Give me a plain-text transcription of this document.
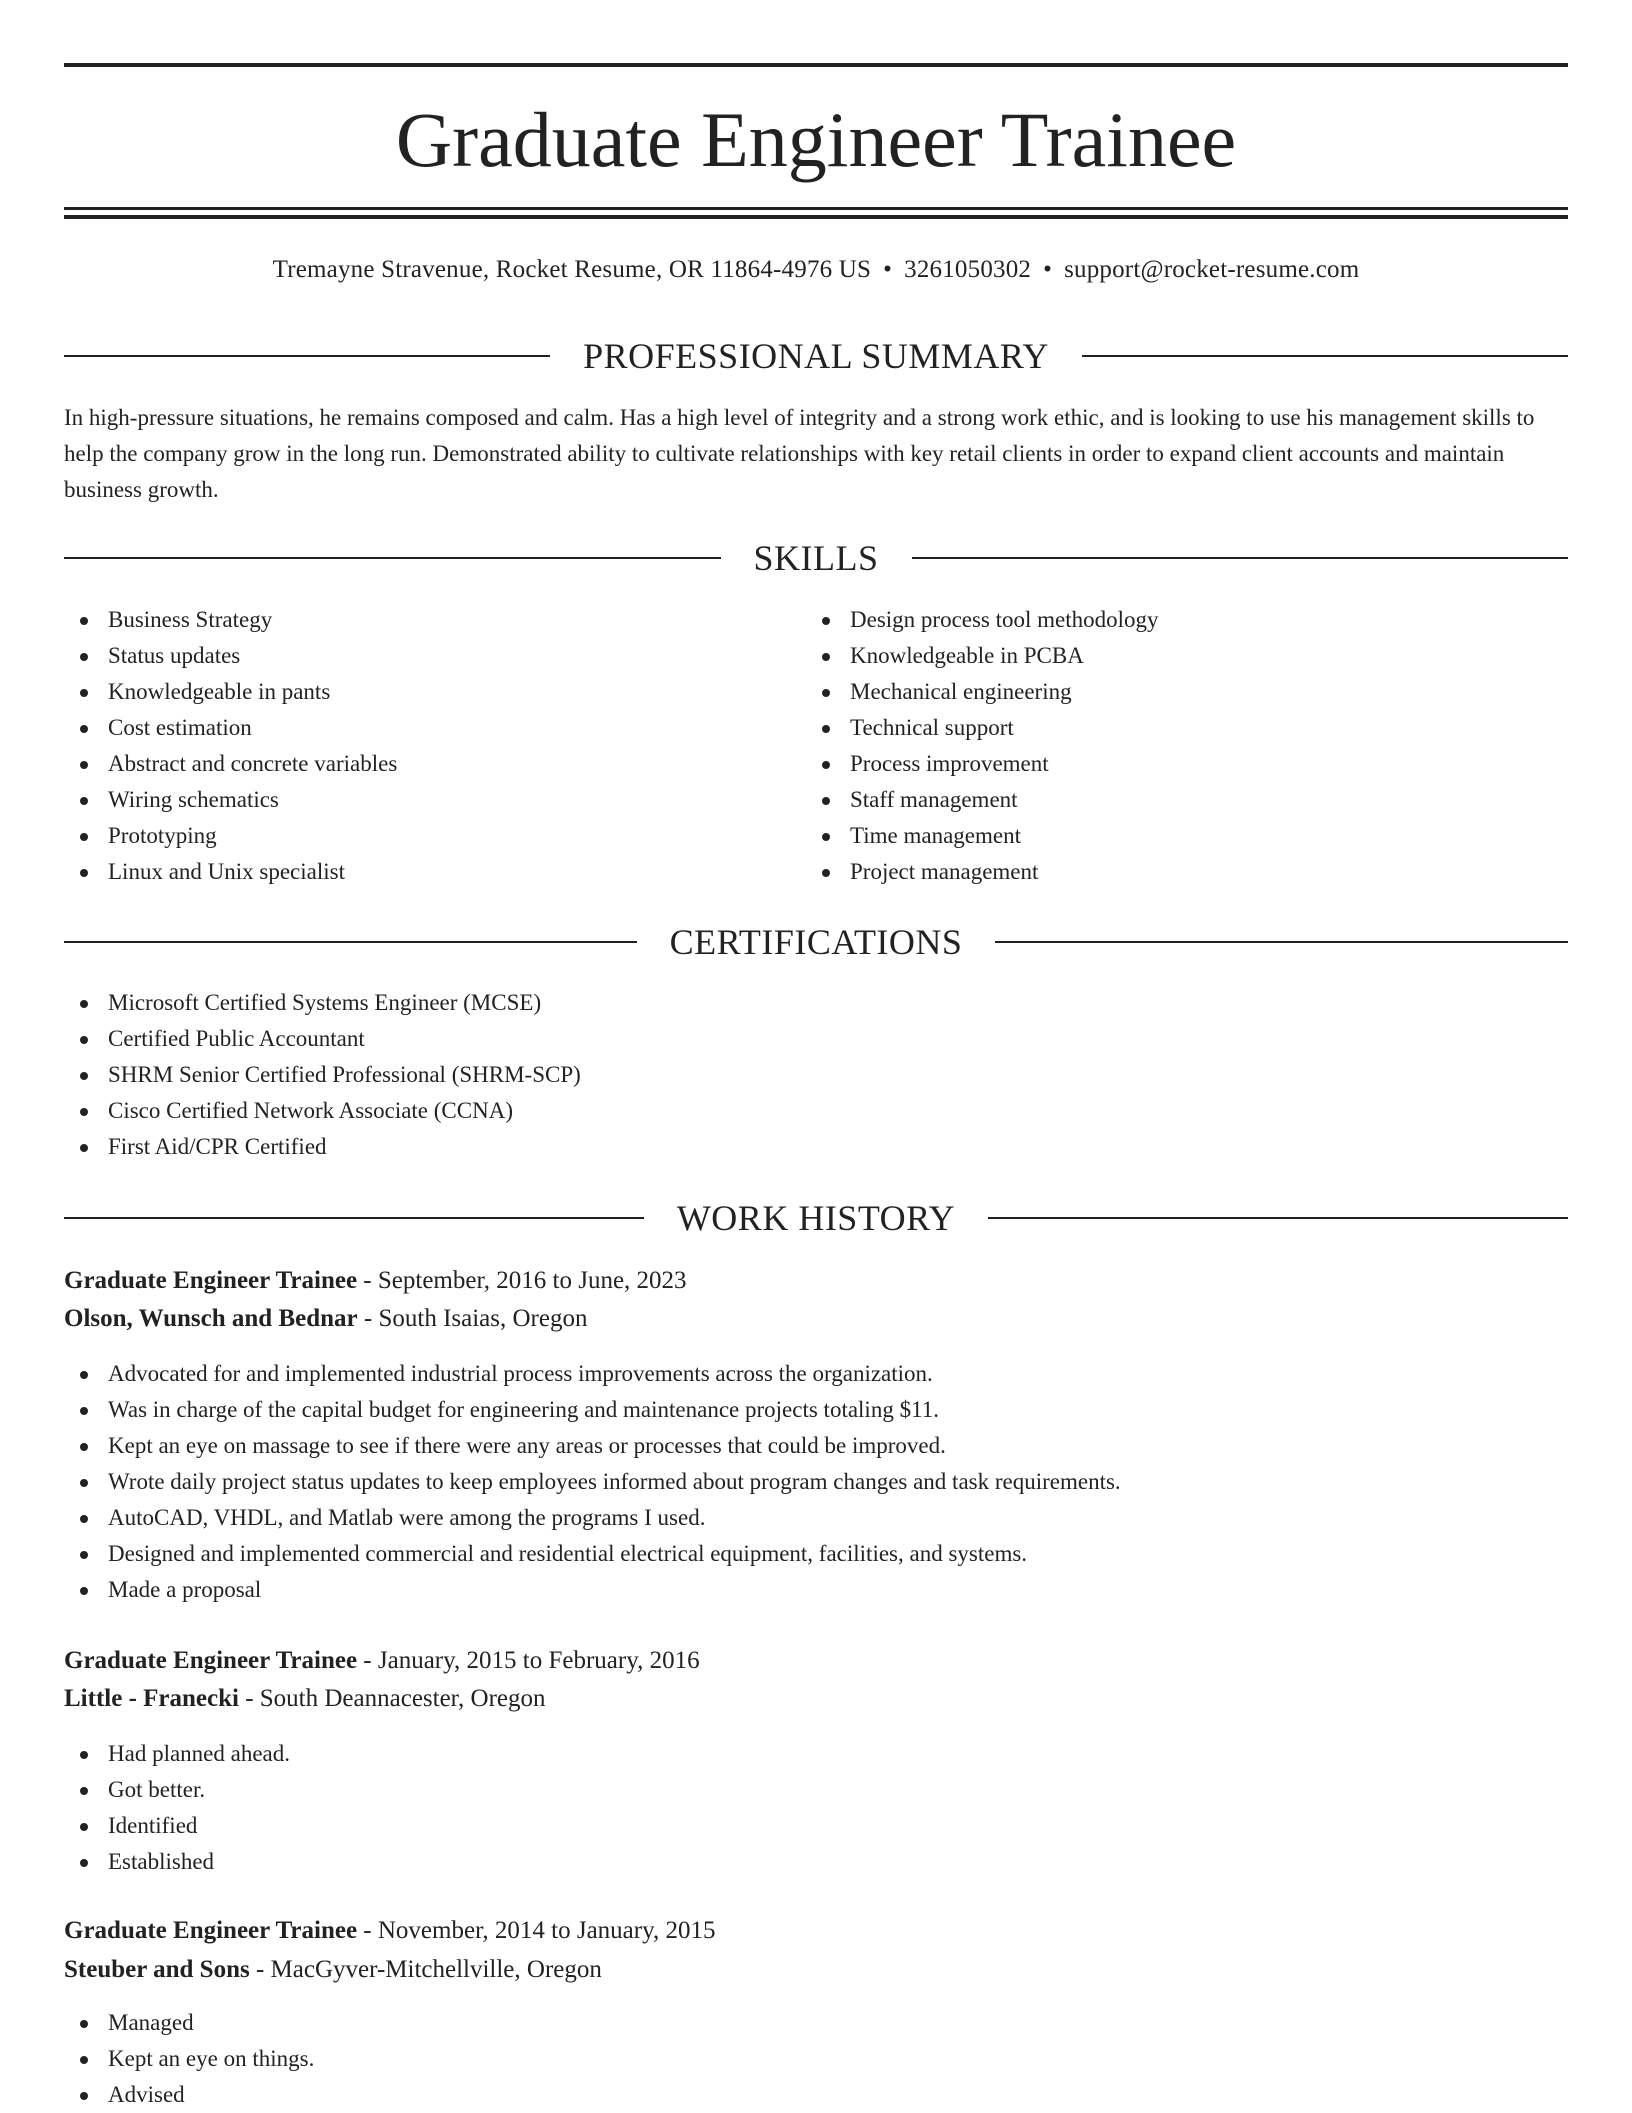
Graduate Engineer Trainee
Tremayne Stravenue, Rocket Resume, OR 11864-4976 US • 3261050302 • support@rocket-resume.com
PROFESSIONAL SUMMARY

In high-pressure situations, he remains composed and calm. Has a high level of integrity and a strong work ethic, and is looking to use his management skills to help the company grow in the long run. Demonstrated ability to cultivate relationships with key retail clients in order to expand client accounts and maintain business growth.

SKILLS
Business Strategy
Status updates
Knowledgeable in pants
Cost estimation
Abstract and concrete variables
Wiring schematics
Prototyping
Linux and Unix specialist
Design process tool methodology
Knowledgeable in PCBA
Mechanical engineering
Technical support
Process improvement
Staff management
Time management
Project management
CERTIFICATIONS
Microsoft Certified Systems Engineer (MCSE)
Certified Public Accountant
SHRM Senior Certified Professional (SHRM-SCP)
Cisco Certified Network Associate (CCNA)
First Aid/CPR Certified
WORK HISTORY
Graduate Engineer Trainee - September, 2016 to June, 2023
Olson, Wunsch and Bednar - South Isaias, Oregon
Advocated for and implemented industrial process improvements across the organization.
Was in charge of the capital budget for engineering and maintenance projects totaling $11.
Kept an eye on massage to see if there were any areas or processes that could be improved.
Wrote daily project status updates to keep employees informed about program changes and task requirements.
AutoCAD, VHDL, and Matlab were among the programs I used.
Designed and implemented commercial and residential electrical equipment, facilities, and systems.
Made a proposal
Graduate Engineer Trainee - January, 2015 to February, 2016
Little - Franecki - South Deannacester, Oregon
Had planned ahead.
Got better.
Identified
Established
Graduate Engineer Trainee - November, 2014 to January, 2015
Steuber and Sons - MacGyver-Mitchellville, Oregon
Managed
Kept an eye on things.
Advised
